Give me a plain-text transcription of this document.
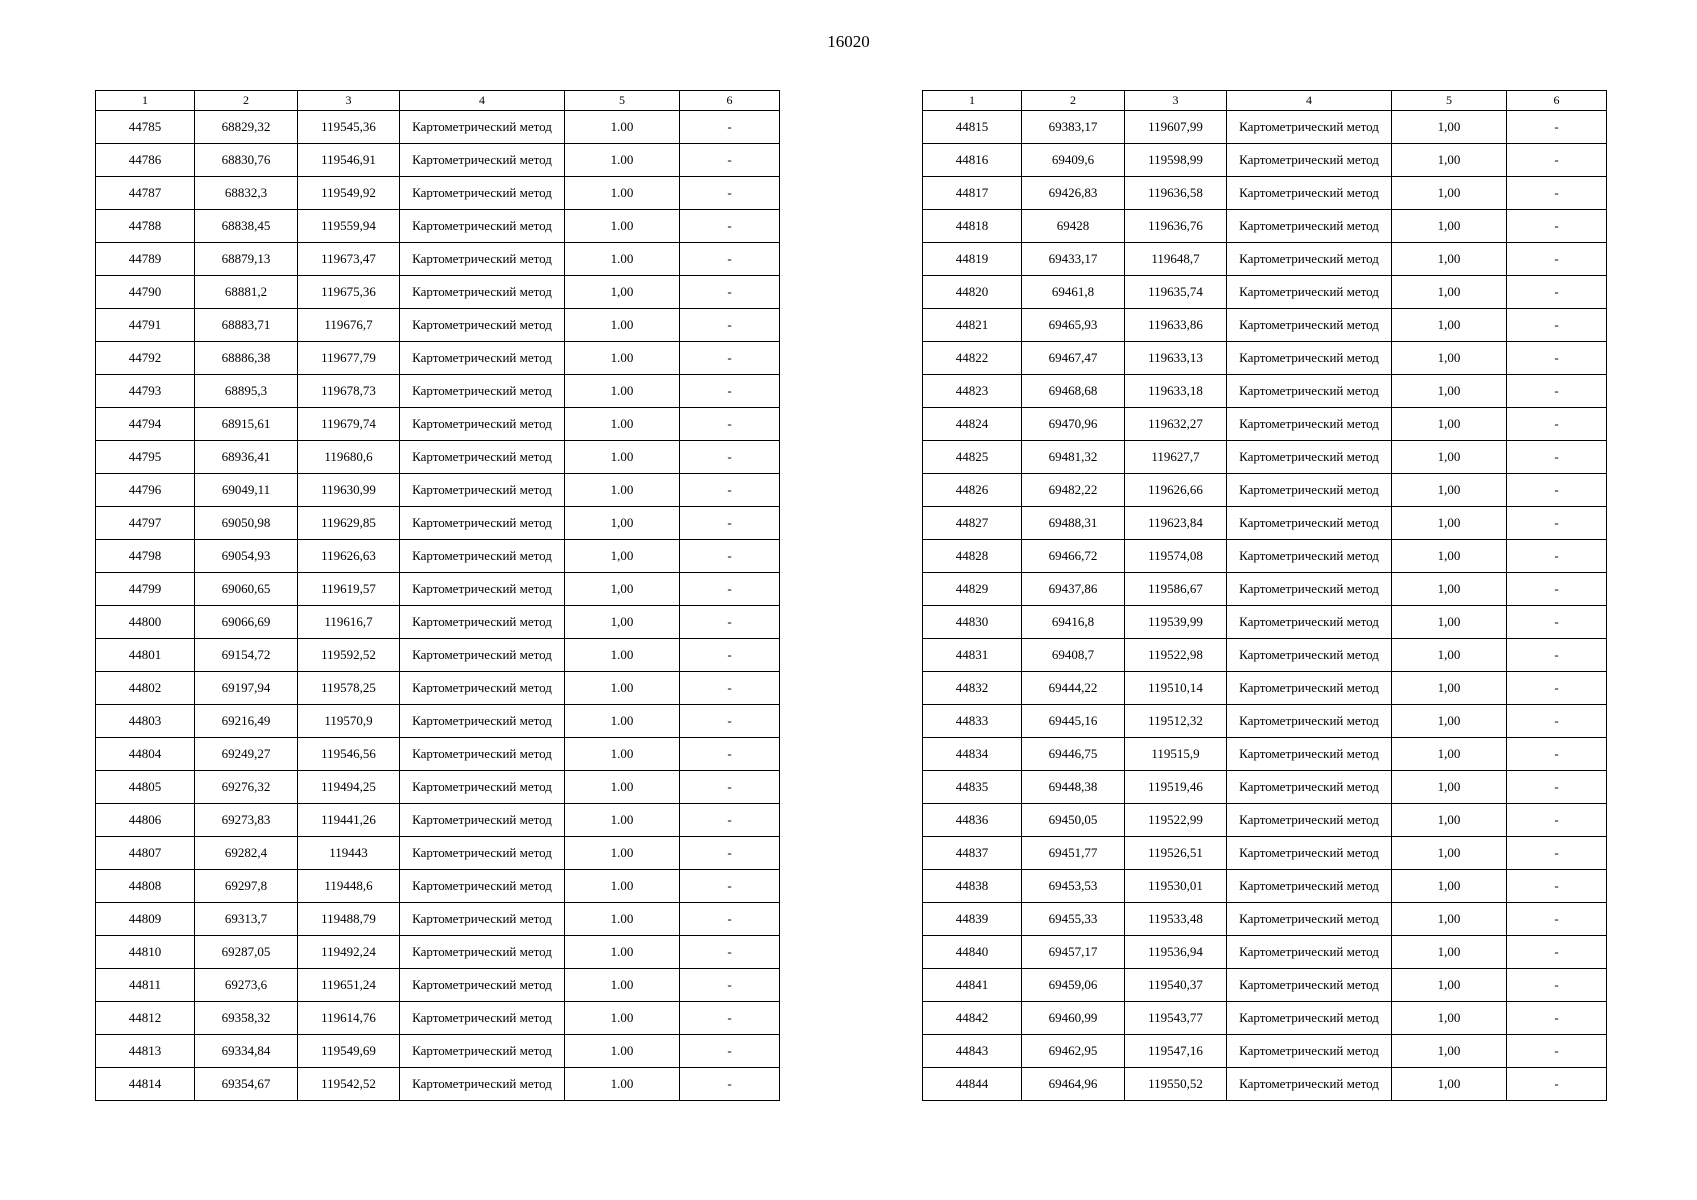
16020
1	2	3	4	5	6
44785	68829,32	119545,36	Картометрический метод	1.00	-
44786	68830,76	119546,91	Картометрический метод	1.00	-
44787	68832,3	119549,92	Картометрический метод	1.00	-
44788	68838,45	119559,94	Картометрический метод	1.00	-
44789	68879,13	119673,47	Картометрический метод	1.00	-
44790	68881,2	119675,36	Картометрический метод	1,00	-
44791	68883,71	119676,7	Картометрический метод	1.00	-
44792	68886,38	119677,79	Картометрический метод	1.00	-
44793	68895,3	119678,73	Картометрический метод	1.00	-
44794	68915,61	119679,74	Картометрический метод	1.00	-
44795	68936,41	119680,6	Картометрический метод	1.00	-
44796	69049,11	119630,99	Картометрический метод	1.00	-
44797	69050,98	119629,85	Картометрический метод	1,00	-
44798	69054,93	119626,63	Картометрический метод	1,00	-
44799	69060,65	119619,57	Картометрический метод	1,00	-
44800	69066,69	119616,7	Картометрический метод	1,00	-
44801	69154,72	119592,52	Картометрический метод	1.00	-
44802	69197,94	119578,25	Картометрический метод	1.00	-
44803	69216,49	119570,9	Картометрический метод	1.00	-
44804	69249,27	119546,56	Картометрический метод	1.00	-
44805	69276,32	119494,25	Картометрический метод	1.00	-
44806	69273,83	119441,26	Картометрический метод	1.00	-
44807	69282,4	119443	Картометрический метод	1.00	-
44808	69297,8	119448,6	Картометрический метод	1.00	-
44809	69313,7	119488,79	Картометрический метод	1.00	-
44810	69287,05	119492,24	Картометрический метод	1.00	-
44811	69273,6	119651,24	Картометрический метод	1.00	-
44812	69358,32	119614,76	Картометрический метод	1.00	-
44813	69334,84	119549,69	Картометрический метод	1.00	-
44814	69354,67	119542,52	Картометрический метод	1.00	-
1	2	3	4	5	6
44815	69383,17	119607,99	Картометрический метод	1,00	-
44816	69409,6	119598,99	Картометрический метод	1,00	-
44817	69426,83	119636,58	Картометрический метод	1,00	-
44818	69428	119636,76	Картометрический метод	1,00	-
44819	69433,17	119648,7	Картометрический метод	1,00	-
44820	69461,8	119635,74	Картометрический метод	1,00	-
44821	69465,93	119633,86	Картометрический метод	1,00	-
44822	69467,47	119633,13	Картометрический метод	1,00	-
44823	69468,68	119633,18	Картометрический метод	1,00	-
44824	69470,96	119632,27	Картометрический метод	1,00	-
44825	69481,32	119627,7	Картометрический метод	1,00	-
44826	69482,22	119626,66	Картометрический метод	1,00	-
44827	69488,31	119623,84	Картометрический метод	1,00	-
44828	69466,72	119574,08	Картометрический метод	1,00	-
44829	69437,86	119586,67	Картометрический метод	1,00	-
44830	69416,8	119539,99	Картометрический метод	1,00	-
44831	69408,7	119522,98	Картометрический метод	1,00	-
44832	69444,22	119510,14	Картометрический метод	1,00	-
44833	69445,16	119512,32	Картометрический метод	1,00	-
44834	69446,75	119515,9	Картометрический метод	1,00	-
44835	69448,38	119519,46	Картометрический метод	1,00	-
44836	69450,05	119522,99	Картометрический метод	1,00	-
44837	69451,77	119526,51	Картометрический метод	1,00	-
44838	69453,53	119530,01	Картометрический метод	1,00	-
44839	69455,33	119533,48	Картометрический метод	1,00	-
44840	69457,17	119536,94	Картометрический метод	1,00	-
44841	69459,06	119540,37	Картометрический метод	1,00	-
44842	69460,99	119543,77	Картометрический метод	1,00	-
44843	69462,95	119547,16	Картометрический метод	1,00	-
44844	69464,96	119550,52	Картометрический метод	1,00	-
